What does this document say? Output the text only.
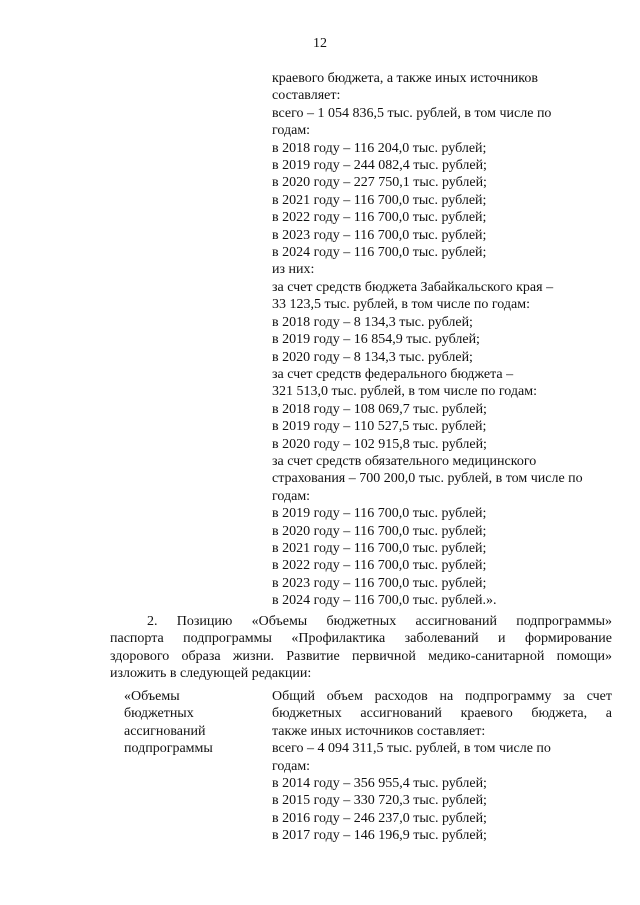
12
краевого бюджета, а также иных источников
составляет:
всего – 1 054 836,5 тыс. рублей, в том числе по
годам:
в 2018 году – 116 204,0 тыс. рублей;
в 2019 году – 244 082,4 тыс. рублей;
в 2020 году – 227 750,1 тыс. рублей;
в 2021 году – 116 700,0 тыс. рублей;
в 2022 году – 116 700,0 тыс. рублей;
в 2023 году – 116 700,0 тыс. рублей;
в 2024 году – 116 700,0 тыс. рублей;
из них:
за счет средств бюджета Забайкальского края –
33 123,5 тыс. рублей, в том числе по годам:
в 2018 году – 8 134,3 тыс. рублей;
в 2019 году – 16 854,9 тыс. рублей;
в 2020 году – 8 134,3 тыс. рублей;
за счет средств федерального бюджета –
321 513,0 тыс. рублей, в том числе по годам:
в 2018 году – 108 069,7 тыс. рублей;
в 2019 году – 110 527,5 тыс. рублей;
в 2020 году – 102 915,8 тыс. рублей;
за счет средств обязательного медицинского
страхования – 700 200,0 тыс. рублей, в том числе по
годам:
в 2019 году – 116 700,0 тыс. рублей;
в 2020 году – 116 700,0 тыс. рублей;
в 2021 году – 116 700,0 тыс. рублей;
в 2022 году – 116 700,0 тыс. рублей;
в 2023 году – 116 700,0 тыс. рублей;
в 2024 году – 116 700,0 тыс. рублей.».
2. Позицию «Объемы бюджетных ассигнований подпрограммы»
паспорта подпрограммы «Профилактика заболеваний и формирование
здорового образа жизни. Развитие первичной медико-санитарной помощи»
изложить в следующей редакции:
«Объемы
бюджетных
ассигнований
подпрограммы
Общий объем расходов на подпрограмму за счет
бюджетных ассигнований краевого бюджета, а
также иных источников составляет:
всего – 4 094 311,5 тыс. рублей, в том числе по
годам:
в 2014 году – 356 955,4 тыс. рублей;
в 2015 году – 330 720,3 тыс. рублей;
в 2016 году – 246 237,0 тыс. рублей;
в 2017 году – 146 196,9 тыс. рублей;
